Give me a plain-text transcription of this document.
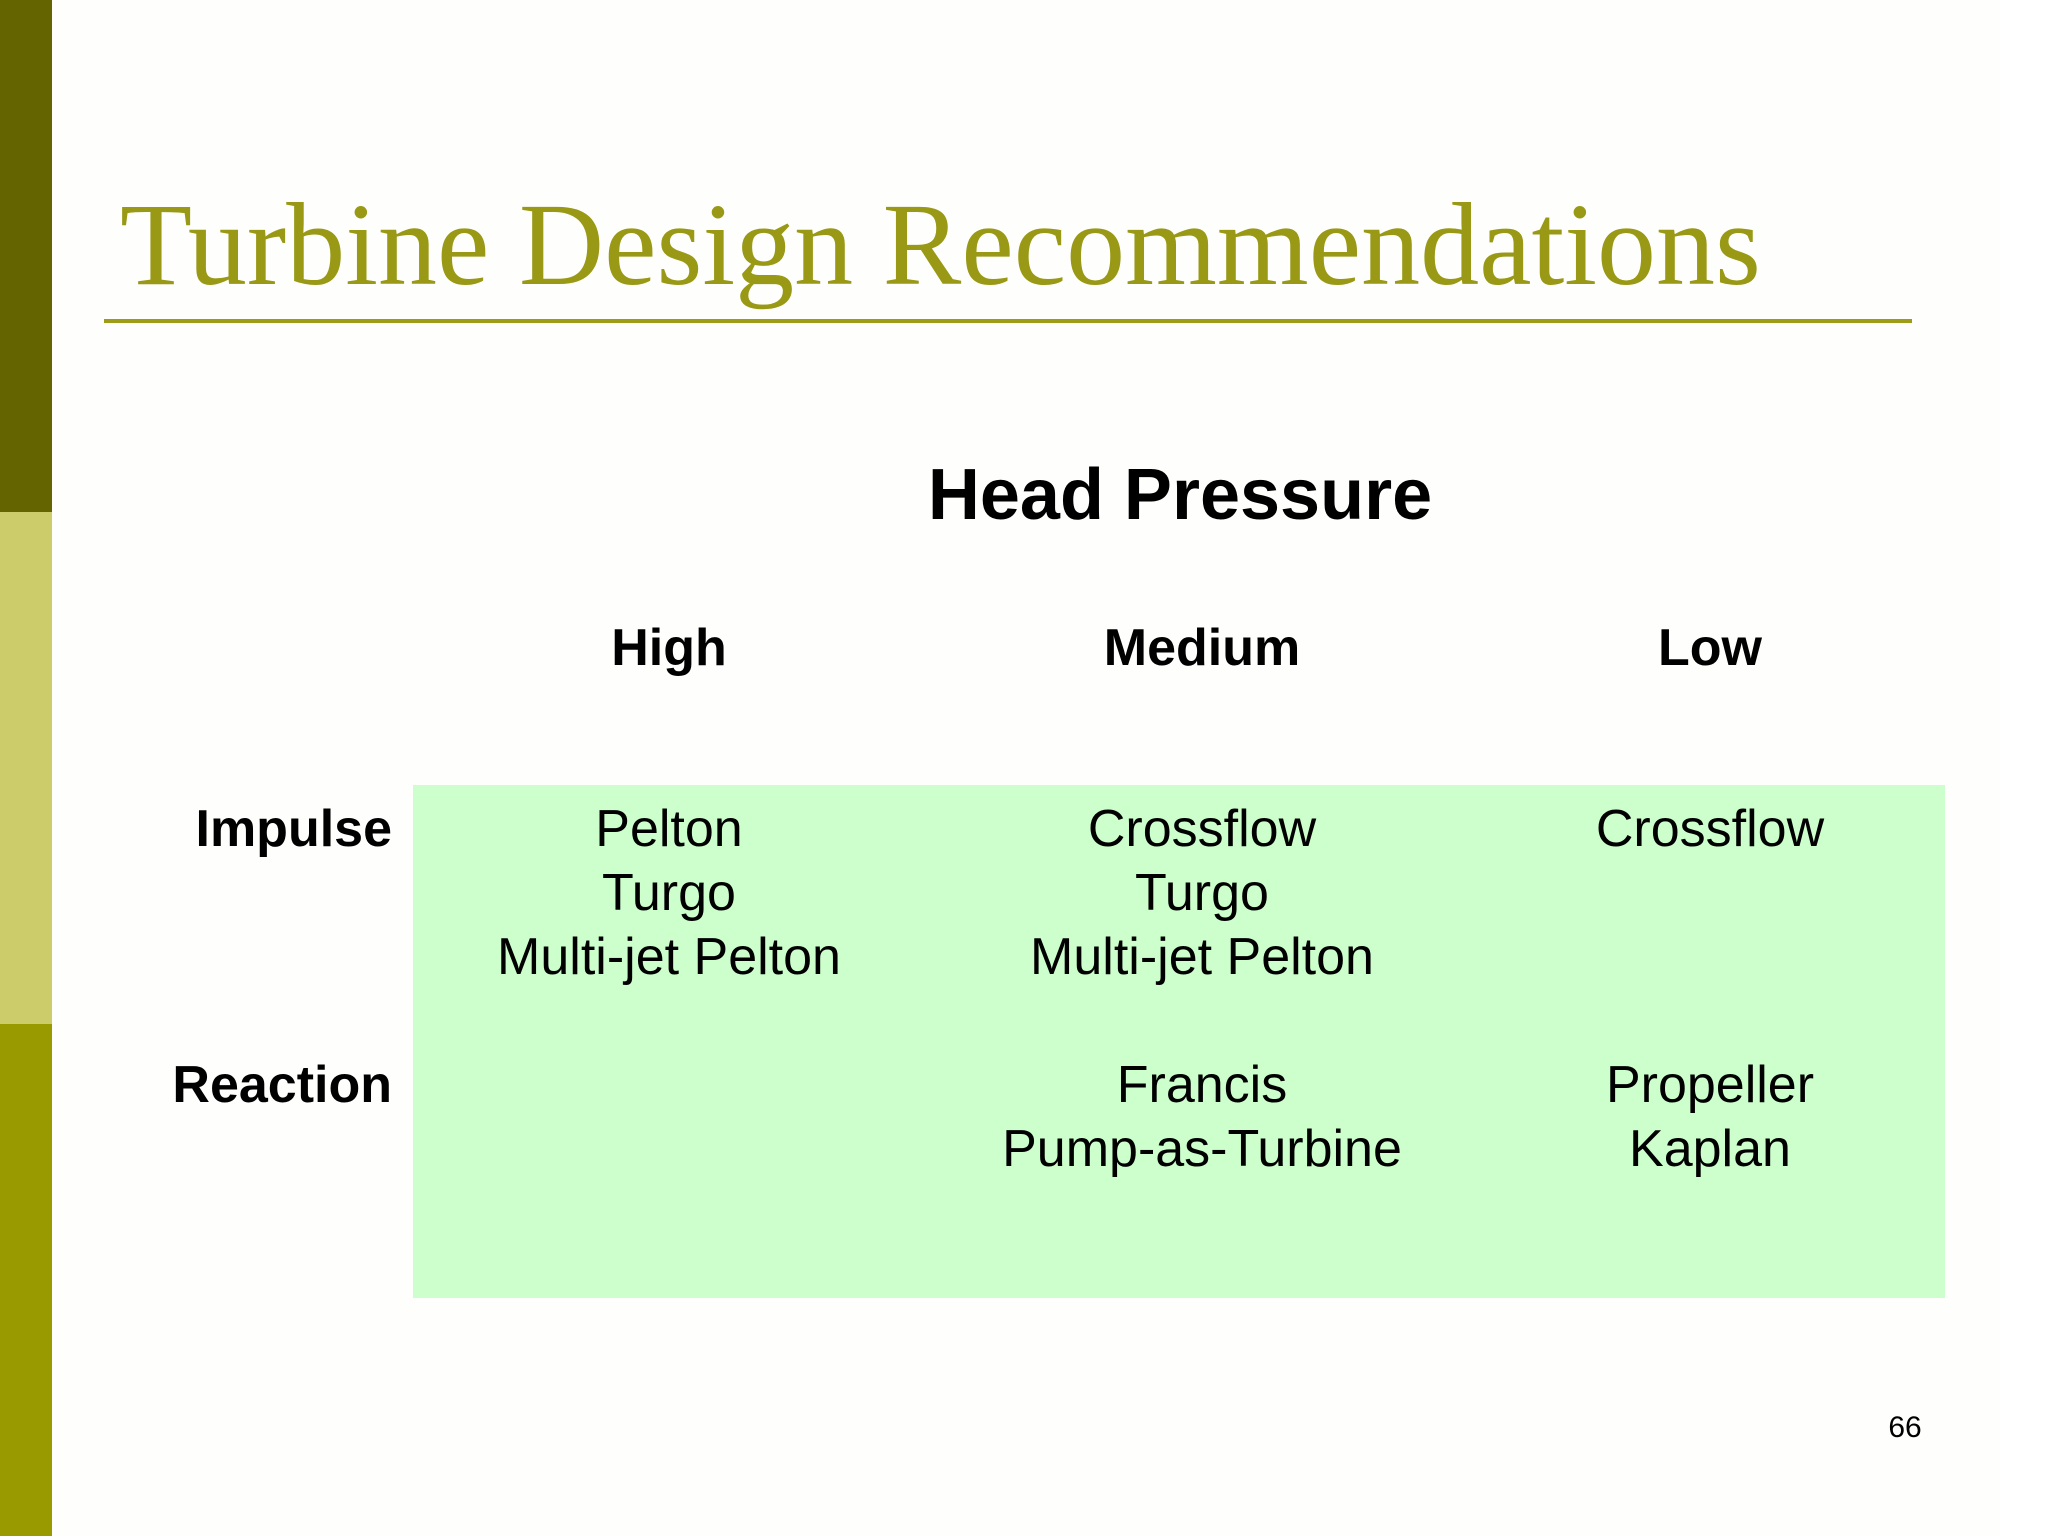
Turbine Design Recommendations
Head Pressure
High	Medium	Low
Impulse
Reaction
Pelton
Turgo
Multi-jet Pelton
Crossflow
Turgo
Multi-jet Pelton
Crossflow
Francis
Pump-as-Turbine
Propeller
Kaplan
66
